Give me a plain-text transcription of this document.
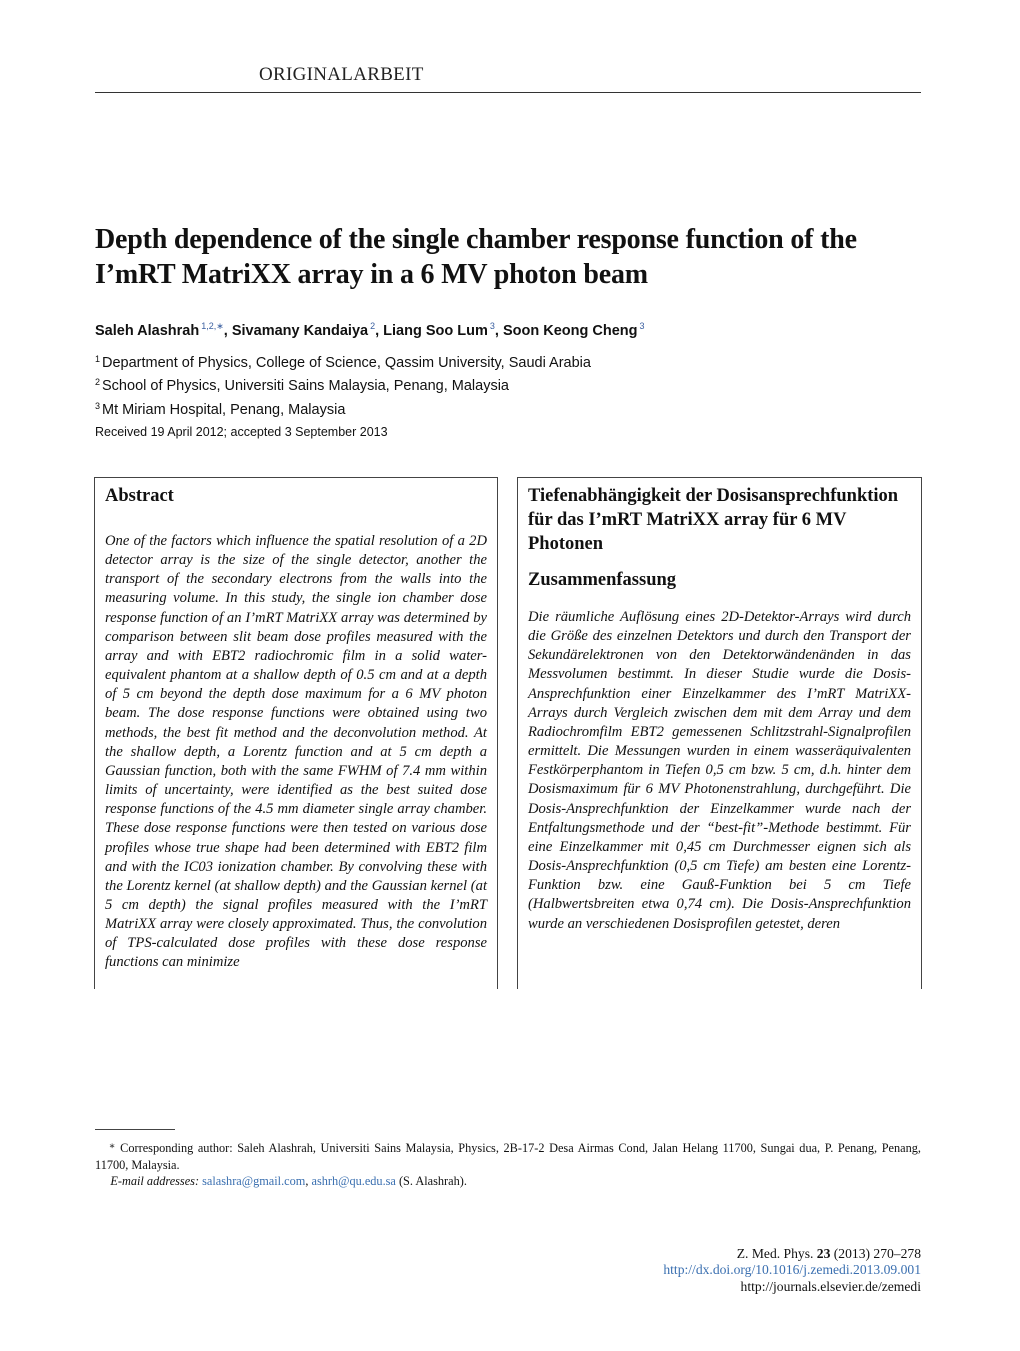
ORIGINALARBEIT
Depth dependence of the single chamber response function of the I’mRT MatriXX array in a 6 MV photon beam
Saleh Alashrah $^{1,2,∗}$, Sivamany Kandaiya $^2$, Liang Soo Lum $^3$, Soon Keong Cheng $^3$
$^1$ Department of Physics, College of Science, Qassim University, Saudi Arabia
$^2$ School of Physics, Universiti Sains Malaysia, Penang, Malaysia
$^3$ Mt Miriam Hospital, Penang, Malaysia
Received 19 April 2012; accepted 3 September 2013
Abstract

One of the factors which influence the spatial resolution of a 2D detector array is the size of the single detector, another the transport of the secondary electrons from the walls into the measuring volume. In this study, the single ion chamber dose response function of an I’mRT MatriXX array was determined by comparison between slit beam dose profiles measured with the array and with EBT2 radiochromic film in a solid water-equivalent phantom at a shallow depth of 0.5 cm and at a depth of 5 cm beyond the depth dose maximum for a 6 MV photon beam. The dose response functions were obtained using two methods, the best fit method and the deconvolution method. At the shallow depth, a Lorentz function and at 5 cm depth a Gaussian function, both with the same FWHM of 7.4 mm within limits of uncertainty, were identified as the best suited dose response functions of the 4.5 mm diameter single array chamber. These dose response functions were then tested on various dose profiles whose true shape had been determined with EBT2 film and with the IC03 ionization chamber. By convolving these with the Lorentz kernel (at shallow depth) and the Gaussian kernel (at 5 cm depth) the signal profiles measured with the I’mRT MatriXX array were closely approximated. Thus, the convolution of TPS-calculated dose profiles with these dose response functions can minimize

Tiefenabhängigkeit der Dosisansprechfunktion für das I’mRT MatriXX array für 6 MV Photonen
Zusammenfassung

Die räumliche Auflösung eines 2D-Detektor-Arrays wird durch die Größe des einzelnen Detektors und durch den Transport der Sekundärelektronen von den Detektorwändenänden in das Messvolumen bestimmt. In dieser Studie wurde die Dosis-Ansprechfunktion einer Einzelkammer des I’mRT MatriXX-Arrays durch Vergleich zwischen dem mit dem Array und dem Radiochromfilm EBT2 gemessenen Schlitzstrahl-Signalprofilen ermittelt. Die Messungen wurden in einem wasseräquivalenten Festkörperphantom in Tiefen 0,5 cm bzw. 5 cm, d.h. hinter dem Dosismaximum für 6 MV Photonenstrahlung, durchgeführt. Die Dosis-Ansprechfunktion der Einzelkammer wurde nach der Entfaltungsmethode und der “best-fit”-Methode bestimmt. Für eine Einzelkammer mit 0,45 cm Durchmesser eignen sich als Dosis-Ansprechfunktion (0,5 cm Tiefe) am besten eine Lorentz-Funktion bzw. eine Gauß-Funktion bei 5 cm Tiefe (Halbwertsbreiten etwa 0,74 cm). Die Dosis-Ansprechfunktion wurde an verschiedenen Dosisprofilen getestet, deren

∗ Corresponding author: Saleh Alashrah, Universiti Sains Malaysia, Physics, 2B-17-2 Desa Airmas Cond, Jalan Helang 11700, Sungai dua, P. Penang, Penang, 11700, Malaysia.
E-mail addresses: salashra@gmail.com, ashrh@qu.edu.sa (S. Alashrah).
Z. Med. Phys. 23 (2013) 270–278
http://dx.doi.org/10.1016/j.zemedi.2013.09.001
http://journals.elsevier.de/zemedi
